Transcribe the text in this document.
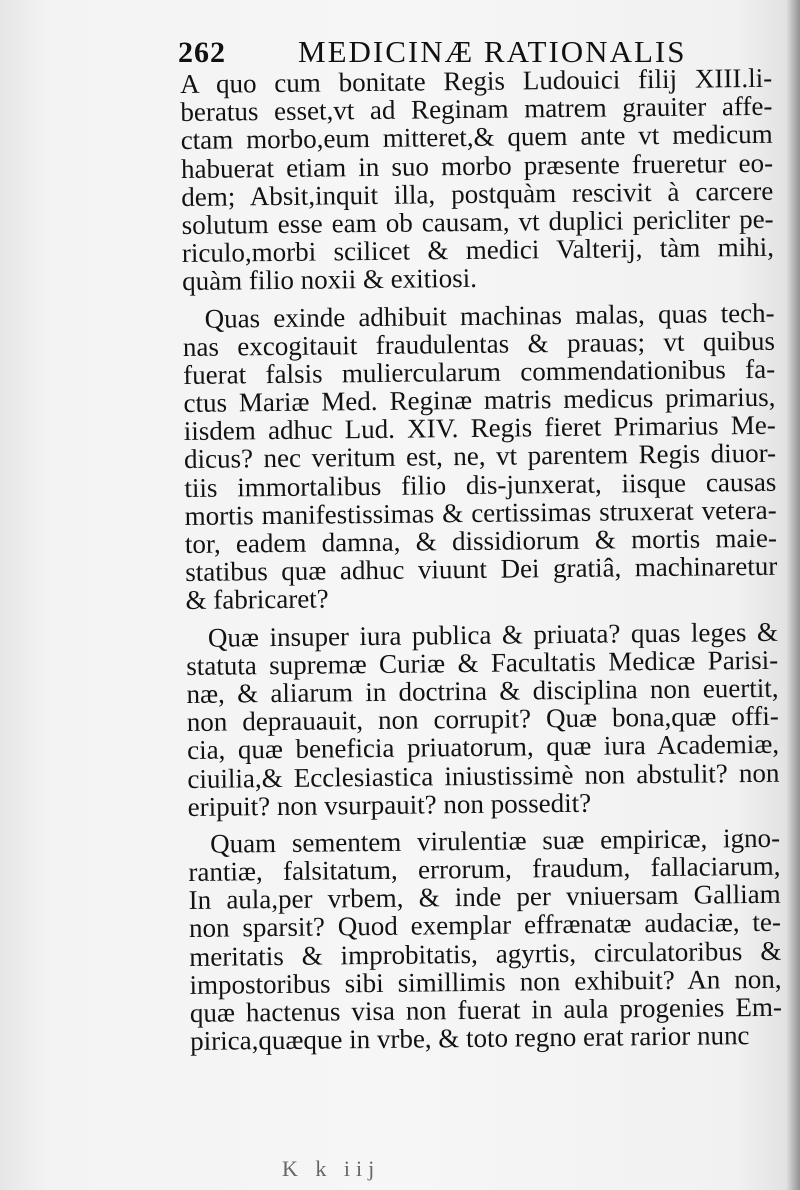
262 MEDICINÆ RATIONALIS
A quo cum bonitate Regis Ludouici filij XIII.li-
beratus esset,vt ad Reginam matrem grauiter affe-
ctam morbo,eum mitteret,& quem ante vt medicum
habuerat etiam in suo morbo præsente frueretur eo-
dem; Absit,inquit illa, postquàm rescivit à carcere
solutum esse eam ob causam, vt duplici pericliter pe-
riculo,morbi scilicet & medici Valterij, tàm mihi,
quàm filio noxii & exitiosi.
Quas exinde adhibuit machinas malas, quas tech-
nas excogitauit fraudulentas & prauas; vt quibus
fuerat falsis muliercularum commendationibus fa-
ctus Mariæ Med. Reginæ matris medicus primarius,
iisdem adhuc Lud. XIV. Regis fieret Primarius Me-
dicus? nec veritum est, ne, vt parentem Regis diuor-
tiis immortalibus filio dis-junxerat, iisque causas
mortis manifestissimas & certissimas struxerat vetera-
tor, eadem damna, & dissidiorum & mortis maie-
statibus quæ adhuc viuunt Dei gratiâ, machinaretur
& fabricaret?
Quæ insuper iura publica & priuata? quas leges &
statuta supremæ Curiæ & Facultatis Medicæ Parisi-
næ, & aliarum in doctrina & disciplina non euertit,
non deprauauit, non corrupit? Quæ bona,quæ offi-
cia, quæ beneficia priuatorum, quæ iura Academiæ,
ciuilia,& Ecclesiastica iniustissimè non abstulit? non
eripuit? non vsurpauit? non possedit?
Quam sementem virulentiæ suæ empiricæ, igno-
rantiæ, falsitatum, errorum, fraudum, fallaciarum,
In aula,per vrbem, & inde per vniuersam Galliam
non sparsit? Quod exemplar effrænatæ audaciæ, te-
meritatis & improbitatis, agyrtis, circulatoribus &
impostoribus sibi simillimis non exhibuit? An non,
quæ hactenus visa non fuerat in aula progenies Em-
pirica,quæque in vrbe, & toto regno erat rarior nunc
K k iij
